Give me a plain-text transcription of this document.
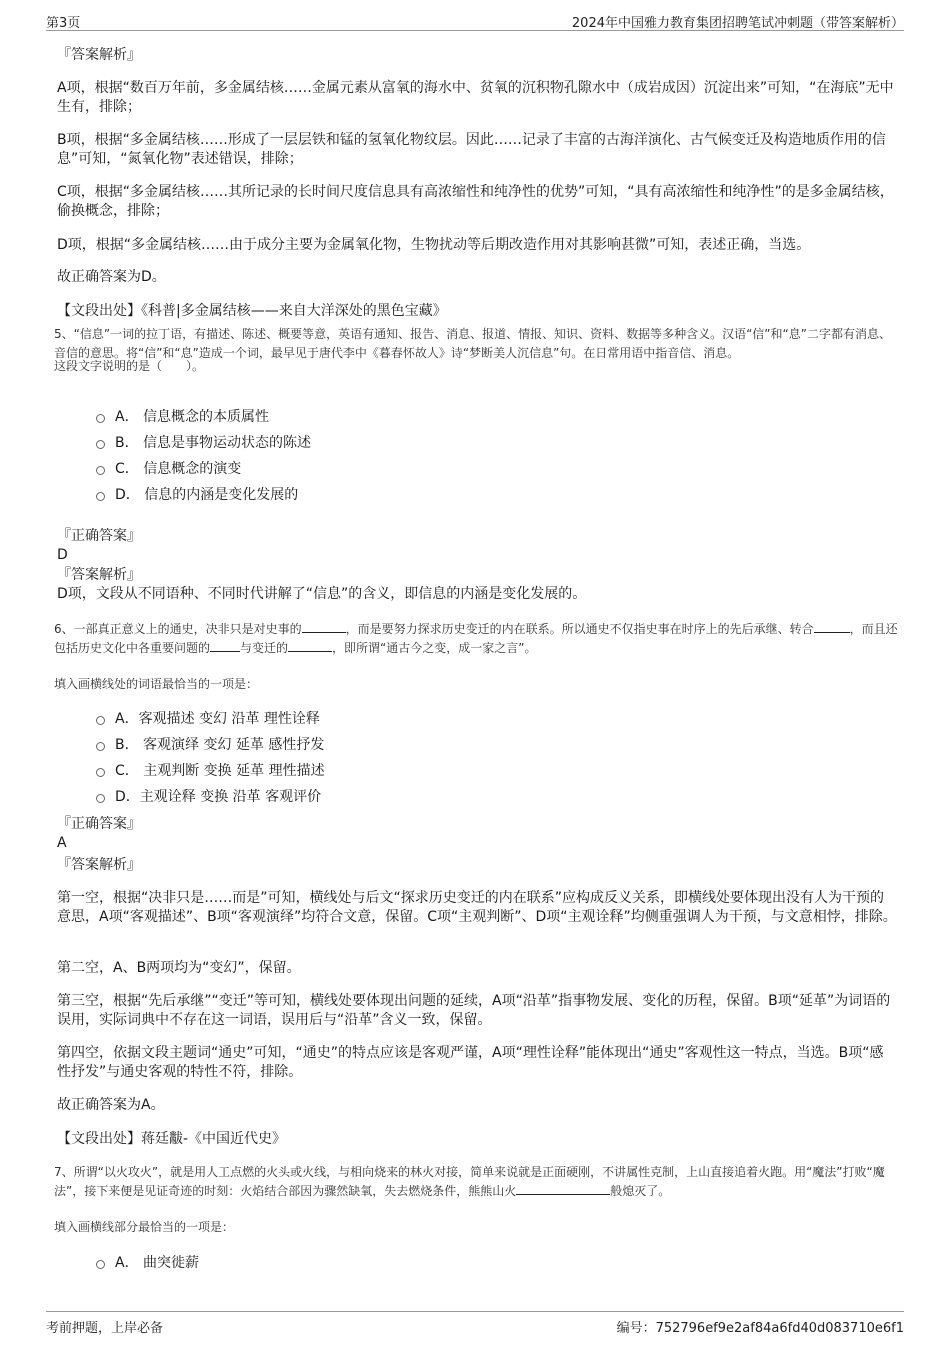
第3页	2024年中国雅力教育集团招聘笔试冲刺题（带答案解析）

『答案解析』

A项，根据“数百万年前，多金属结核……金属元素从富氧的海水中、贫氧的沉积物孔隙水中（成岩成因）沉淀出来”可知，“在海底”无中生有，排除；

B项，根据“多金属结核……形成了一层层铁和锰的氢氧化物纹层。因此……记录了丰富的古海洋演化、古气候变迁及构造地质作用的信息”可知，“氮氧化物”表述错误，排除；

C项，根据“多金属结核……其所记录的长时间尺度信息具有高浓缩性和纯净性的优势”可知，“具有高浓缩性和纯净性”的是多金属结核，偷换概念，排除；

D项，根据“多金属结核……由于成分主要为金属氧化物，生物扰动等后期改造作用对其影响甚微”可知，表述正确，当选。

故正确答案为D。

【文段出处】《科普|多金属结核——来自大洋深处的黑色宝藏》

5、“信息”一词的拉丁语，有描述、陈述、概要等意，英语有通知、报告、消息、报道、情报、知识、资料、数据等多种含义。汉语“信”和“息”二字都有消息、音信的意思。将“信”和“息”造成一个词，最早见于唐代李中《暮春怀故人》诗“梦断美人沉信息”句。在日常用语中指音信、消息。

这段文字说明的是（　　）。

A． 信息概念的本质属性
B． 信息是事物运动状态的陈述
C． 信息概念的演变
D． 信息的内涵是变化发展的

『正确答案』

D

『答案解析』

D项，文段从不同语种、不同时代讲解了“信息”的含义，即信息的内涵是变化发展的。

6、一部真正意义上的通史，决非只是对史事的	，而是要努力探求历史变迁的内在联系。所以通史不仅指史事在时序上的先后承继、转合	，而且还包括历史文化中各重要问题的	与变迁的	，即所谓“通古今之变，成一家之言”。

填入画横线处的词语最恰当的一项是：

A．客观描述 变幻 沿革 理性诠释
B． 客观演绎 变幻 延革 感性抒发
C． 主观判断 变换 延革 理性描述
D．主观诠释 变换 沿革 客观评价

『正确答案』

A

『答案解析』

第一空，根据“决非只是……而是”可知，横线处与后文“探求历史变迁的内在联系”应构成反义关系，即横线处要体现出没有人为干预的意思，A项“客观描述”、B项“客观演绎”均符合文意，保留。C项“主观判断”、D项“主观诠释”均侧重强调人为干预，与文意相悖，排除。

第二空，A、B两项均为“变幻”，保留。

第三空，根据“先后承继”“变迁”等可知，横线处要体现出问题的延续，A项“沿革”指事物发展、变化的历程，保留。B项“延革”为词语的误用，实际词典中不存在这一词语，误用后与“沿革”含义一致，保留。

第四空，依据文段主题词“通史”可知，“通史”的特点应该是客观严谨，A项“理性诠释”能体现出“通史”客观性这一特点，当选。B项“感性抒发”与通史客观的特性不符，排除。

故正确答案为A。

【文段出处】蒋廷黻-《中国近代史》

7、所谓“以火攻火”，就是用人工点燃的火头或火线，与相向烧来的林火对接，简单来说就是正面硬刚，不讲属性克制，上山直接追着火跑。用“魔法”打败“魔法”，接下来便是见证奇迹的时刻：火焰结合部因为骤然缺氧，失去燃烧条件，熊熊山火	般熄灭了。

填入画横线部分最恰当的一项是：

A． 曲突徙薪
考前押题，上岸必备	编号：752796ef9e2af84a6fd40d083710e6f1
